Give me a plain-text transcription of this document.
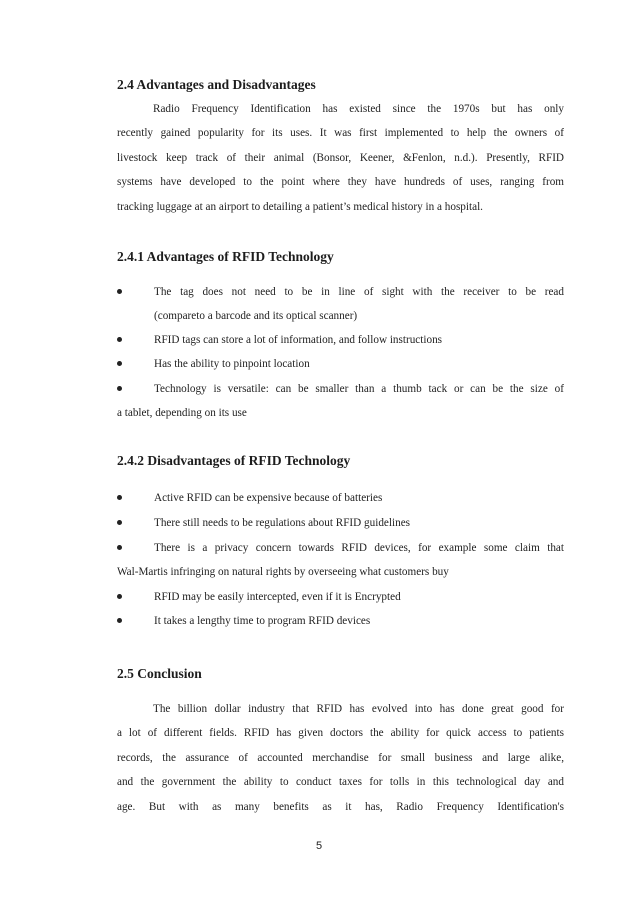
2.4 Advantages and Disadvantages

Radio Frequency Identification has existed since the 1970s but has only

recently gained popularity for its uses. It was first implemented to help the owners of

livestock keep track of their animal (Bonsor, Keener, &Fenlon, n.d.). Presently, RFID

systems have developed to the point where they have hundreds of uses, ranging from

tracking luggage at an airport to detailing a patient’s medical history in a hospital.

2.4.1 Advantages of RFID Technology
The tag does not need to be in line of sight with the receiver to be read
(compareto a barcode and its optical scanner)
RFID tags can store a lot of information, and follow instructions
Has the ability to pinpoint location
Technology is versatile: can be smaller than a thumb tack or can be the size of
a tablet, depending on its use
2.4.2 Disadvantages of RFID Technology
Active RFID can be expensive because of batteries
There still needs to be regulations about RFID guidelines
There is a privacy concern towards RFID devices, for example some claim that
Wal-Martis infringing on natural rights by overseeing what customers buy
RFID may be easily intercepted, even if it is Encrypted
It takes a lengthy time to program RFID devices
2.5 Conclusion

The billion dollar industry that RFID has evolved into has done great good for

a lot of different fields. RFID has given doctors the ability for quick access to patients

records, the assurance of accounted merchandise for small business and large alike,

and the government the ability to conduct taxes for tolls in this technological day and

age. But with as many benefits as it has, Radio Frequency Identification's

5
